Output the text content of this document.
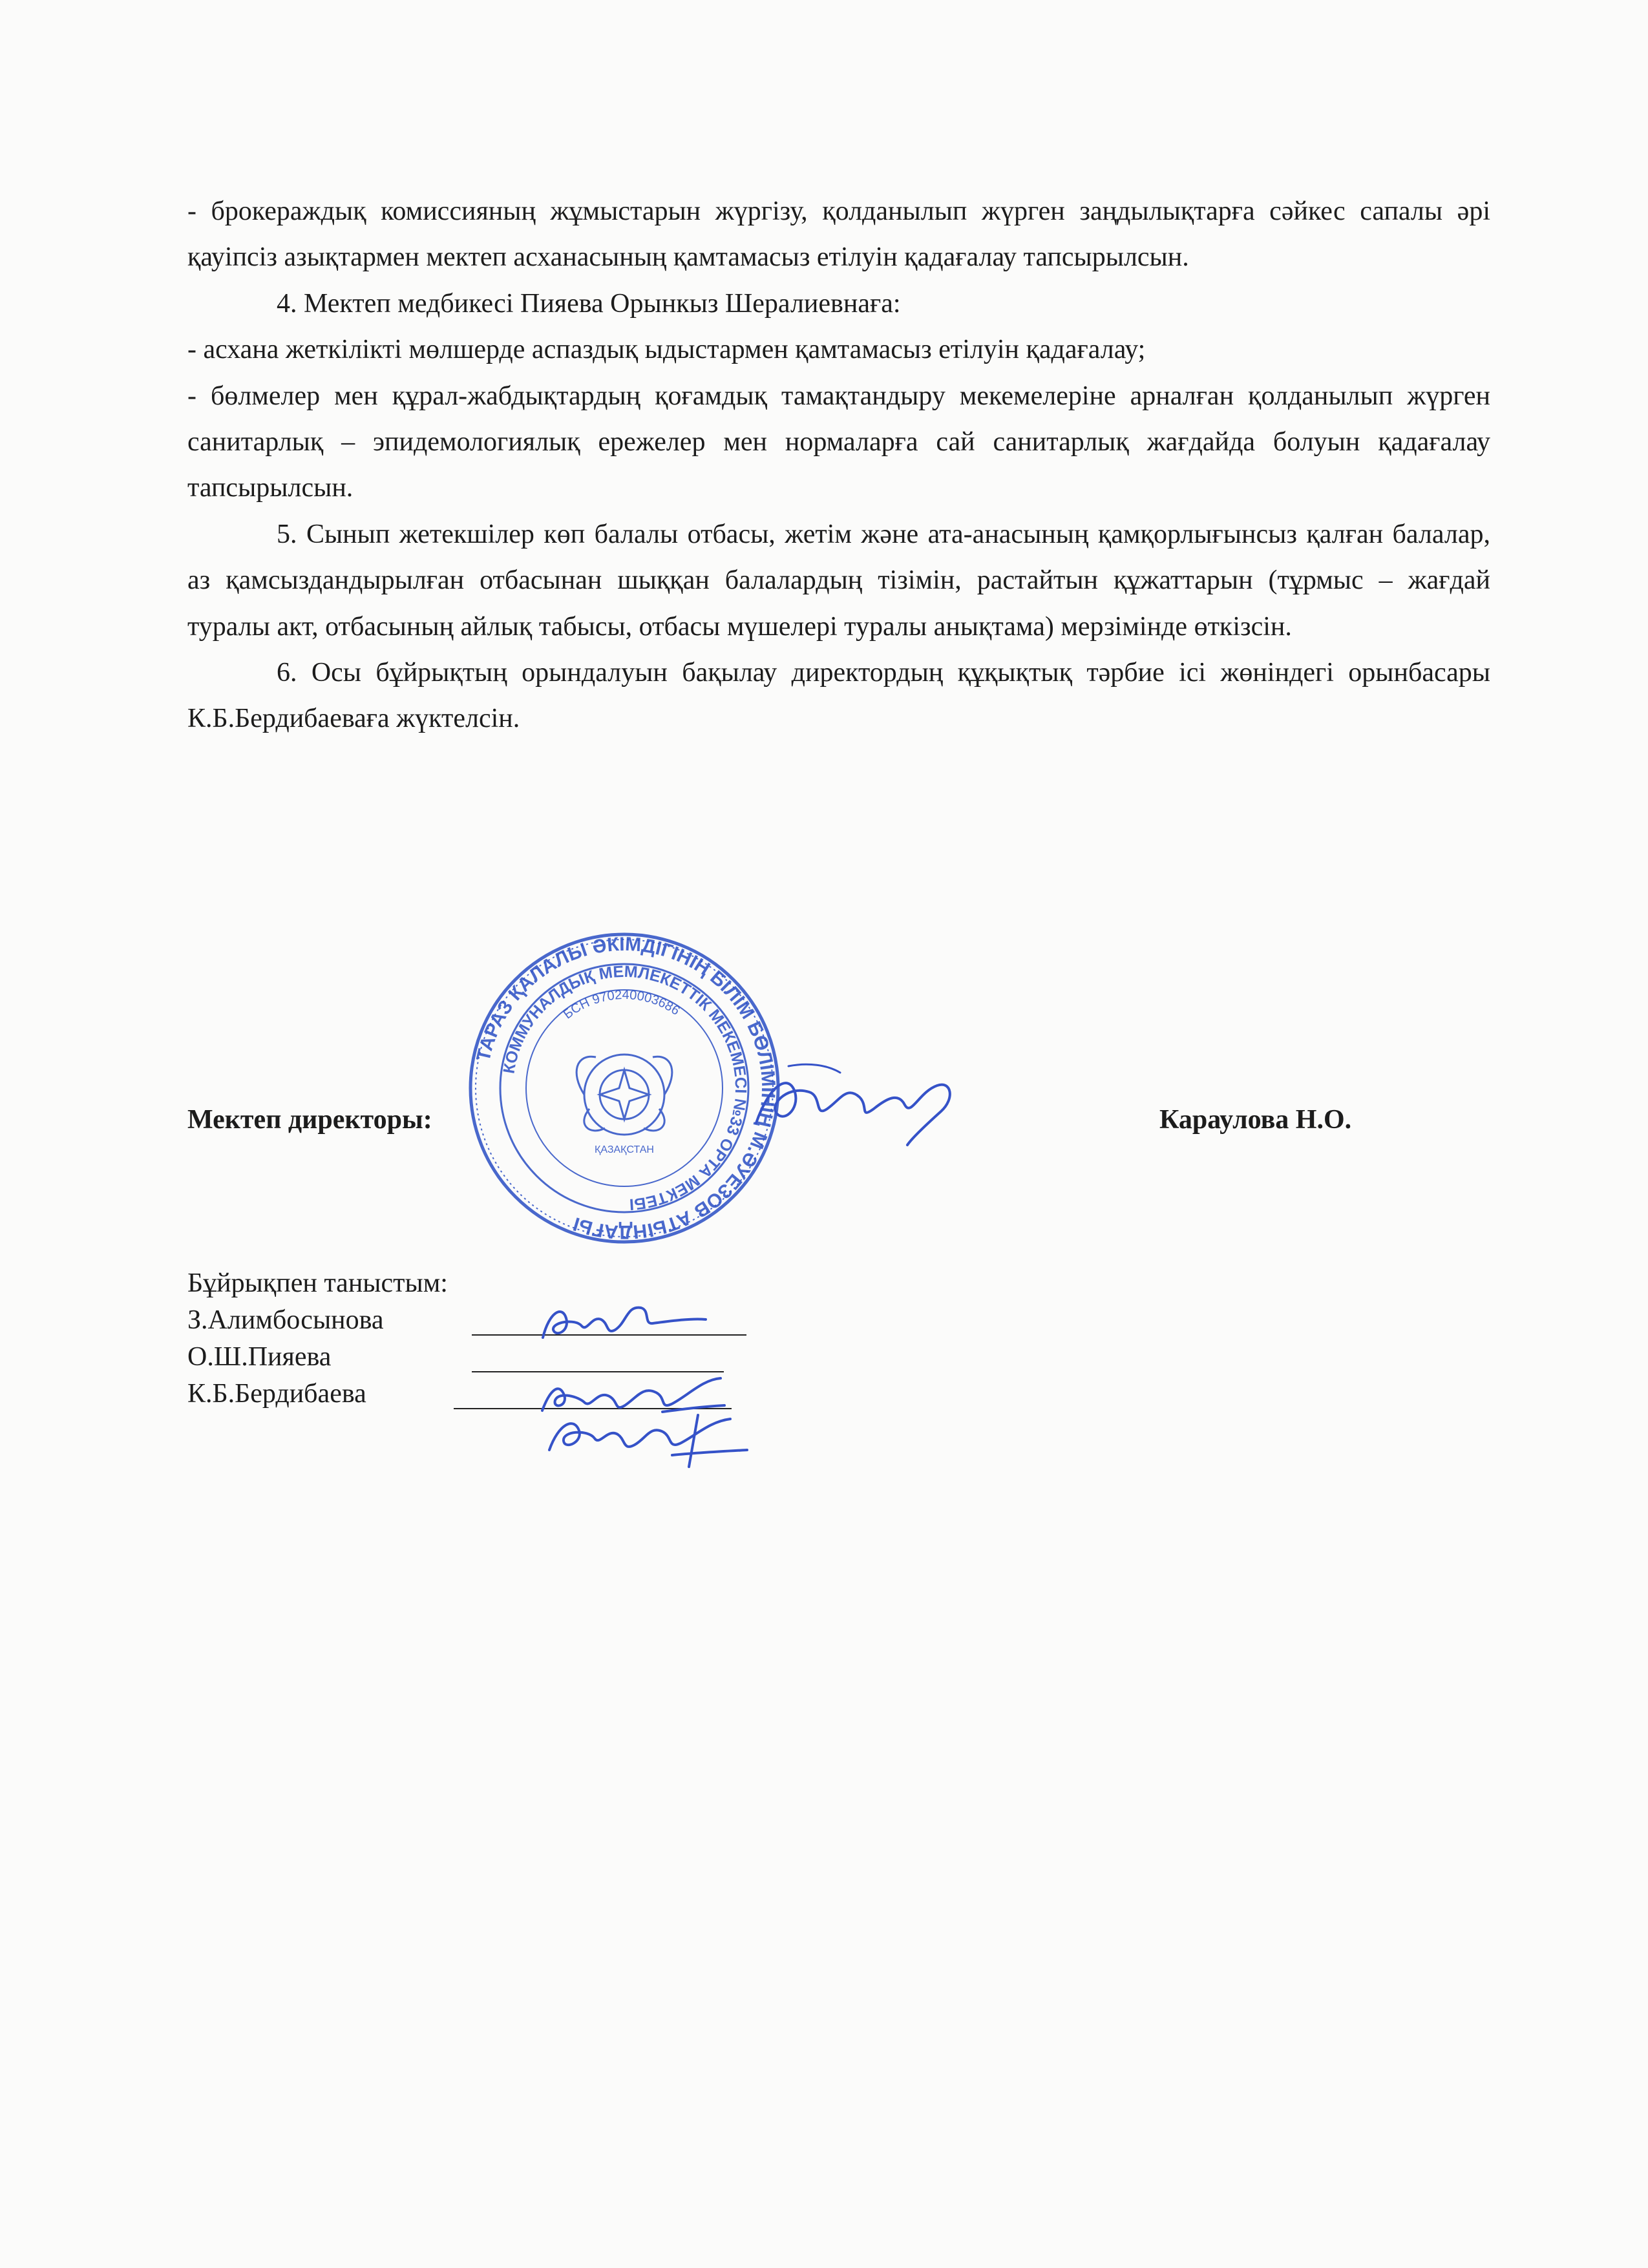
- брокераждық комиссияның жұмыстарын жүргізу, қолданылып жүрген заңдылықтарға сәйкес сапалы әрі қауіпсіз азықтармен мектеп асханасының қамтамасыз етілуін қадағалау тапсырылсын.

4. Мектеп медбикесі Пияева Орынкыз Шералиевнаға:

- асхана жеткілікті мөлшерде аспаздық ыдыстармен қамтамасыз етілуін қадағалау;

- бөлмелер мен құрал-жабдықтардың қоғамдық тамақтандыру мекемелеріне арналған қолданылып жүрген санитарлық – эпидемологиялық ережелер мен нормаларға сай санитарлық жағдайда болуын қадағалау тапсырылсын.

5. Сынып жетекшілер көп балалы отбасы, жетім және ата-анасының қамқорлығынсыз қалған балалар, аз қамсыздандырылған отбасынан шыққан балалардың тізімін, растайтын құжаттарын (тұрмыс – жағдай туралы акт, отбасының айлық табысы, отбасы мүшелері туралы анықтама) мерзімінде өткізсін.

6. Осы бұйрықтың орындалуын бақылау директордың құқықтық тәрбие ісі жөніндегі орынбасары К.Б.Бердибаеваға жүктелсін.

ТАРАЗ ҚАЛАЛЫ ӘКІМДІГІНІҢ БІЛІМ БӨЛІМІНІҢ М.ӘУЕЗОВ АТЫНДАҒЫ
КОММУНАЛДЫҚ МЕМЛЕКЕТТІК МЕКЕМЕСІ №33 ОРТА МЕКТЕБІ
БСН 970240003686
ҚАЗАҚСТАН
Мектеп директоры:	Караулова Н.О.
Бұйрықпен таныстым:
З.Алимбосынова
О.Ш.Пияева
К.Б.Бердибаева
